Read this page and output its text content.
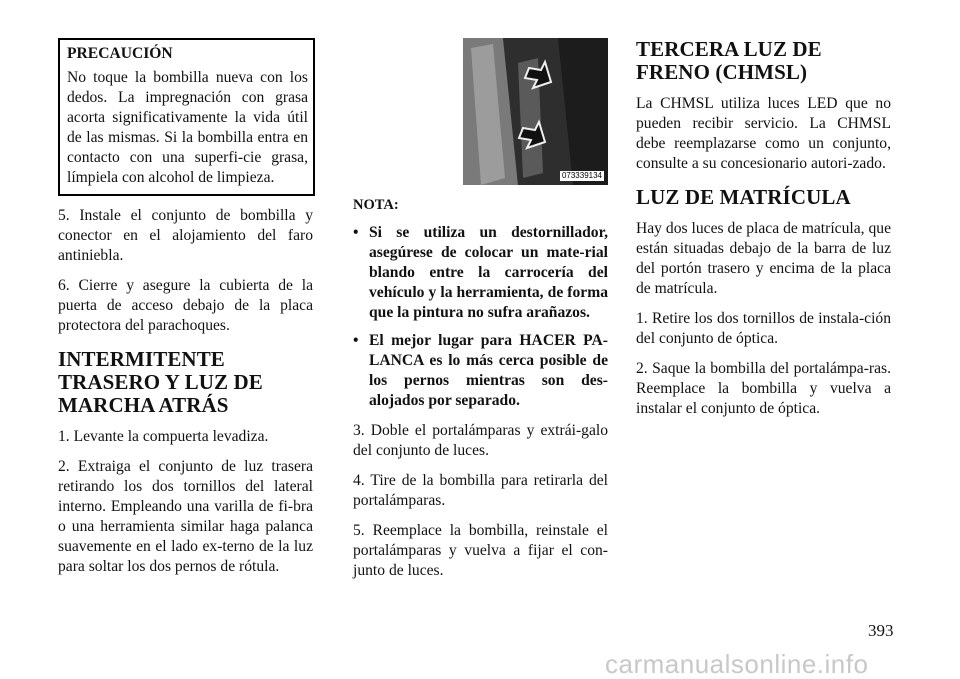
PRECAUCIÓN

No toque la bombilla nueva con los dedos. La impregnación con grasa acorta significativamente la vida útil de las mismas. Si la bombilla entra en contacto con una superfi-cie grasa, límpiela con alcohol de limpieza.

5. Instale el conjunto de bombilla y conector en el alojamiento del faro antiniebla.

6. Cierre y asegure la cubierta de la puerta de acceso debajo de la placa protectora del parachoques.

INTERMITENTE TRASERO Y LUZ DE MARCHA ATRÁS

1. Levante la compuerta levadiza.

2. Extraiga el conjunto de luz trasera retirando los dos tornillos del lateral interno. Empleando una varilla de fi-bra o una herramienta similar haga palanca suavemente en el lado ex-terno de la luz para soltar los dos pernos de rótula.

073339134
NOTA:
• Si se utiliza un destornillador, asegúrese de colocar un mate-rial blando entre la carrocería del vehículo y la herramienta, de forma que la pintura no sufra arañazos.
• El mejor lugar para HACER PA-LANCA es lo más cerca posible de los pernos mientras son des-alojados por separado.

3. Doble el portalámparas y extrái-galo del conjunto de luces.

4. Tire de la bombilla para retirarla del portalámparas.

5. Reemplace la bombilla, reinstale el portalámparas y vuelva a fijar el con-junto de luces.

TERCERA LUZ DE FRENO (CHMSL)

La CHMSL utiliza luces LED que no pueden recibir servicio. La CHMSL debe reemplazarse como un conjunto, consulte a su concesionario autori-zado.

LUZ DE MATRÍCULA

Hay dos luces de placa de matrícula, que están situadas debajo de la barra de luz del portón trasero y encima de la placa de matrícula.

1. Retire los dos tornillos de instala-ción del conjunto de óptica.

2. Saque la bombilla del portalámpa-ras. Reemplace la bombilla y vuelva a instalar el conjunto de óptica.

393
carmanualsonline.info
